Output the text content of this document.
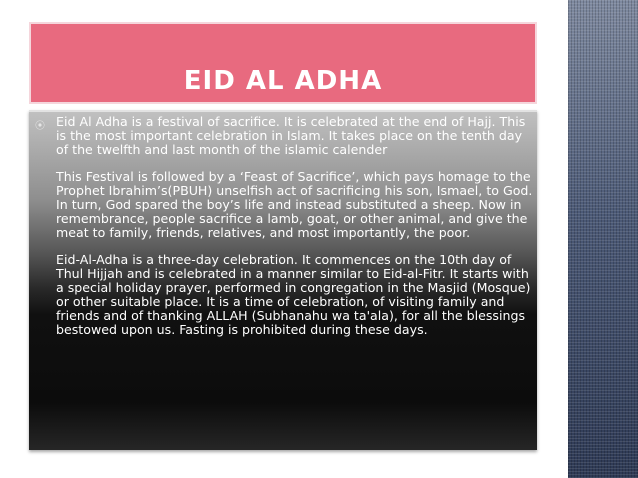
EID AL ADHA
⦿ Eid Al Adha is a festival of sacrifice. It is celebrated at the end of Hajj. This is the most important celebration in Islam. It takes place on the tenth day of the twelfth and last month of the islamic calender

This Festival is followed by a ‘Feast of Sacrifice’, which pays homage to the Prophet Ibrahim’s(PBUH) unselfish act of sacrificing his son, Ismael, to God. In turn, God spared the boy’s life and instead substituted a sheep. Now in remembrance, people sacrifice a lamb, goat, or other animal, and give the meat to family, friends, relatives, and most importantly, the poor.

Eid-Al-Adha is a three-day celebration. It commences on the 10th day of Thul Hijjah and is celebrated in a manner similar to Eid-al-Fitr. It starts with a special holiday prayer, performed in congregation in the Masjid (Mosque) or other suitable place. It is a time of celebration, of visiting family and friends and of thanking ALLAH (Subhanahu wa ta'ala), for all the blessings bestowed upon us. Fasting is prohibited during these days.
